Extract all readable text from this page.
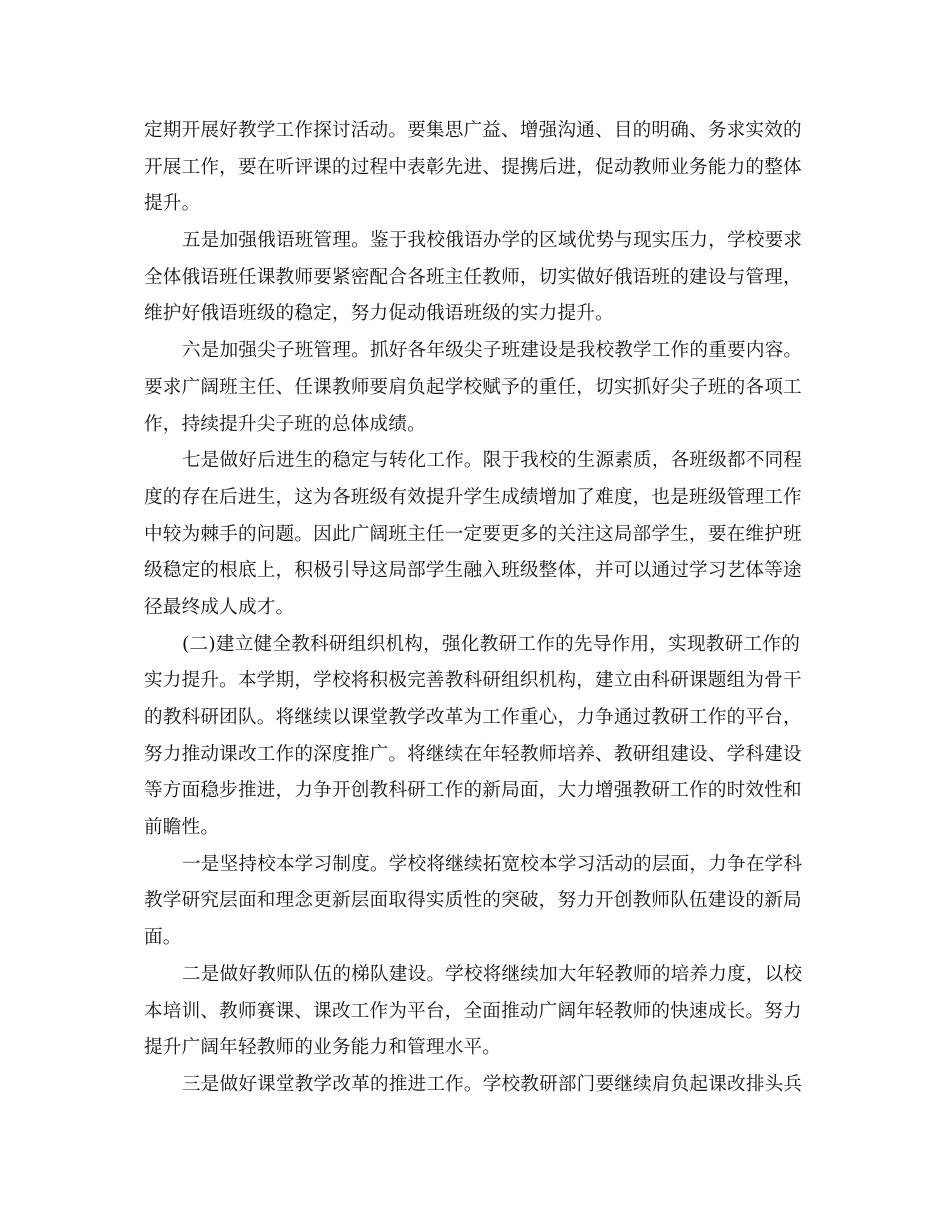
定期开展好教学工作探讨活动。要集思广益、增强沟通、目的明确、务求实效的
开展工作，要在听评课的过程中表彰先进、提携后进，促动教师业务能力的整体
提升。

五是加强俄语班管理。鉴于我校俄语办学的区域优势与现实压力，学校要求
全体俄语班任课教师要紧密配合各班主任教师，切实做好俄语班的建设与管理，
维护好俄语班级的稳定，努力促动俄语班级的实力提升。

六是加强尖子班管理。抓好各年级尖子班建设是我校教学工作的重要内容。
要求广阔班主任、任课教师要肩负起学校赋予的重任，切实抓好尖子班的各项工
作，持续提升尖子班的总体成绩。

七是做好后进生的稳定与转化工作。限于我校的生源素质，各班级都不同程
度的存在后进生，这为各班级有效提升学生成绩增加了难度，也是班级管理工作
中较为棘手的问题。因此广阔班主任一定要更多的关注这局部学生，要在维护班
级稳定的根底上，积极引导这局部学生融入班级整体，并可以通过学习艺体等途
径最终成人成才。

(二)建立健全教科研组织机构，强化教研工作的先导作用，实现教研工作的
实力提升。本学期，学校将积极完善教科研组织机构，建立由科研课题组为骨干
的教科研团队。将继续以课堂教学改革为工作重心，力争通过教研工作的平台，
努力推动课改工作的深度推广。将继续在年轻教师培养、教研组建设、学科建设
等方面稳步推进，力争开创教科研工作的新局面，大力增强教研工作的时效性和
前瞻性。

一是坚持校本学习制度。学校将继续拓宽校本学习活动的层面，力争在学科
教学研究层面和理念更新层面取得实质性的突破，努力开创教师队伍建设的新局
面。

二是做好教师队伍的梯队建设。学校将继续加大年轻教师的培养力度，以校
本培训、教师赛课、课改工作为平台，全面推动广阔年轻教师的快速成长。努力
提升广阔年轻教师的业务能力和管理水平。

三是做好课堂教学改革的推进工作。学校教研部门要继续肩负起课改排头兵
